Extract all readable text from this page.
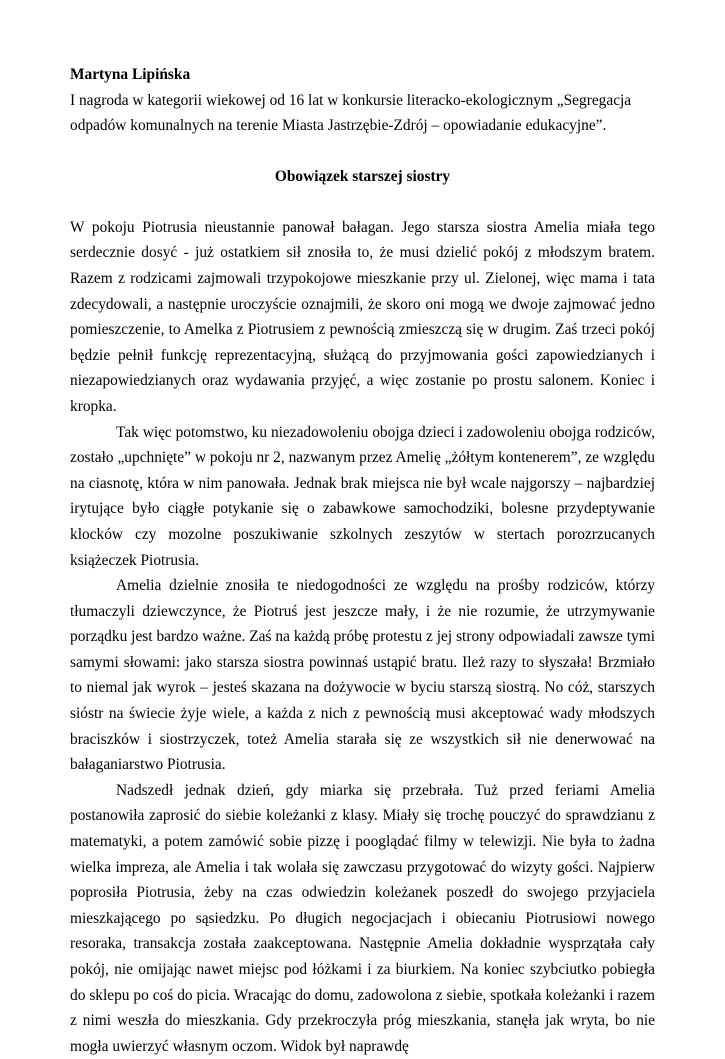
Martyna Lipińska

I nagroda w kategorii wiekowej od 16 lat w konkursie literacko-ekologicznym „Segregacja

odpadów komunalnych na terenie Miasta Jastrzębie-Zdrój – opowiadanie edukacyjne”.

Obowiązek starszej siostry

W pokoju Piotrusia nieustannie panował bałagan. Jego starsza siostra Amelia miała tego serdecznie dosyć - już ostatkiem sił znosiła to, że musi dzielić pokój z młodszym bratem. Razem z rodzicami zajmowali trzypokojowe mieszkanie przy ul. Zielonej, więc mama i tata zdecydowali, a następnie uroczyście oznajmili, że skoro oni mogą we dwoje zajmować jedno pomieszczenie, to Amelka z Piotrusiem z pewnością zmieszczą się w drugim. Zaś trzeci pokój będzie pełnił funkcję reprezentacyjną, służącą do przyjmowania gości zapowiedzianych i niezapowiedzianych oraz wydawania przyjęć, a więc zostanie po prostu salonem. Koniec i kropka.

Tak więc potomstwo, ku niezadowoleniu obojga dzieci i zadowoleniu obojga rodziców, zostało „upchnięte” w pokoju nr 2, nazwanym przez Amelię „żółtym kontenerem”, ze względu na ciasnotę, która w nim panowała. Jednak brak miejsca nie był wcale najgorszy – najbardziej irytujące było ciągłe potykanie się o zabawkowe samochodziki, bolesne przydeptywanie klocków czy mozolne poszukiwanie szkolnych zeszytów w stertach porozrzucanych książeczek Piotrusia.

Amelia dzielnie znosiła te niedogodności ze względu na prośby rodziców, którzy tłumaczyli dziewczynce, że Piotruś jest jeszcze mały, i że nie rozumie, że utrzymywanie porządku jest bardzo ważne. Zaś na każdą próbę protestu z jej strony odpowiadali zawsze tymi samymi słowami: jako starsza siostra powinnaś ustąpić bratu. Ileż razy to słyszała! Brzmiało to niemal jak wyrok – jesteś skazana na dożywocie w byciu starszą siostrą. No cóż, starszych sióstr na świecie żyje wiele, a każda z nich z pewnością musi akceptować wady młodszych braciszków i siostrzyczek, toteż Amelia starała się ze wszystkich sił nie denerwować na bałaganiarstwo Piotrusia.

Nadszedł jednak dzień, gdy miarka się przebrała. Tuż przed feriami Amelia postanowiła zaprosić do siebie koleżanki z klasy. Miały się trochę pouczyć do sprawdzianu z matematyki, a potem zamówić sobie pizzę i pooglądać filmy w telewizji. Nie była to żadna wielka impreza, ale Amelia i tak wolała się zawczasu przygotować do wizyty gości. Najpierw poprosiła Piotrusia, żeby na czas odwiedzin koleżanek poszedł do swojego przyjaciela mieszkającego po sąsiedzku. Po długich negocjacjach i obiecaniu Piotrusiowi nowego resoraka, transakcja została zaakceptowana. Następnie Amelia dokładnie wysprzątała cały pokój, nie omijając nawet miejsc pod łóżkami i za biurkiem. Na koniec szybciutko pobiegła do sklepu po coś do picia. Wracając do domu, zadowolona z siebie, spotkała koleżanki i razem z nimi weszła do mieszkania. Gdy przekroczyła próg mieszkania, stanęła jak wryta, bo nie mogła uwierzyć własnym oczom. Widok był naprawdę
